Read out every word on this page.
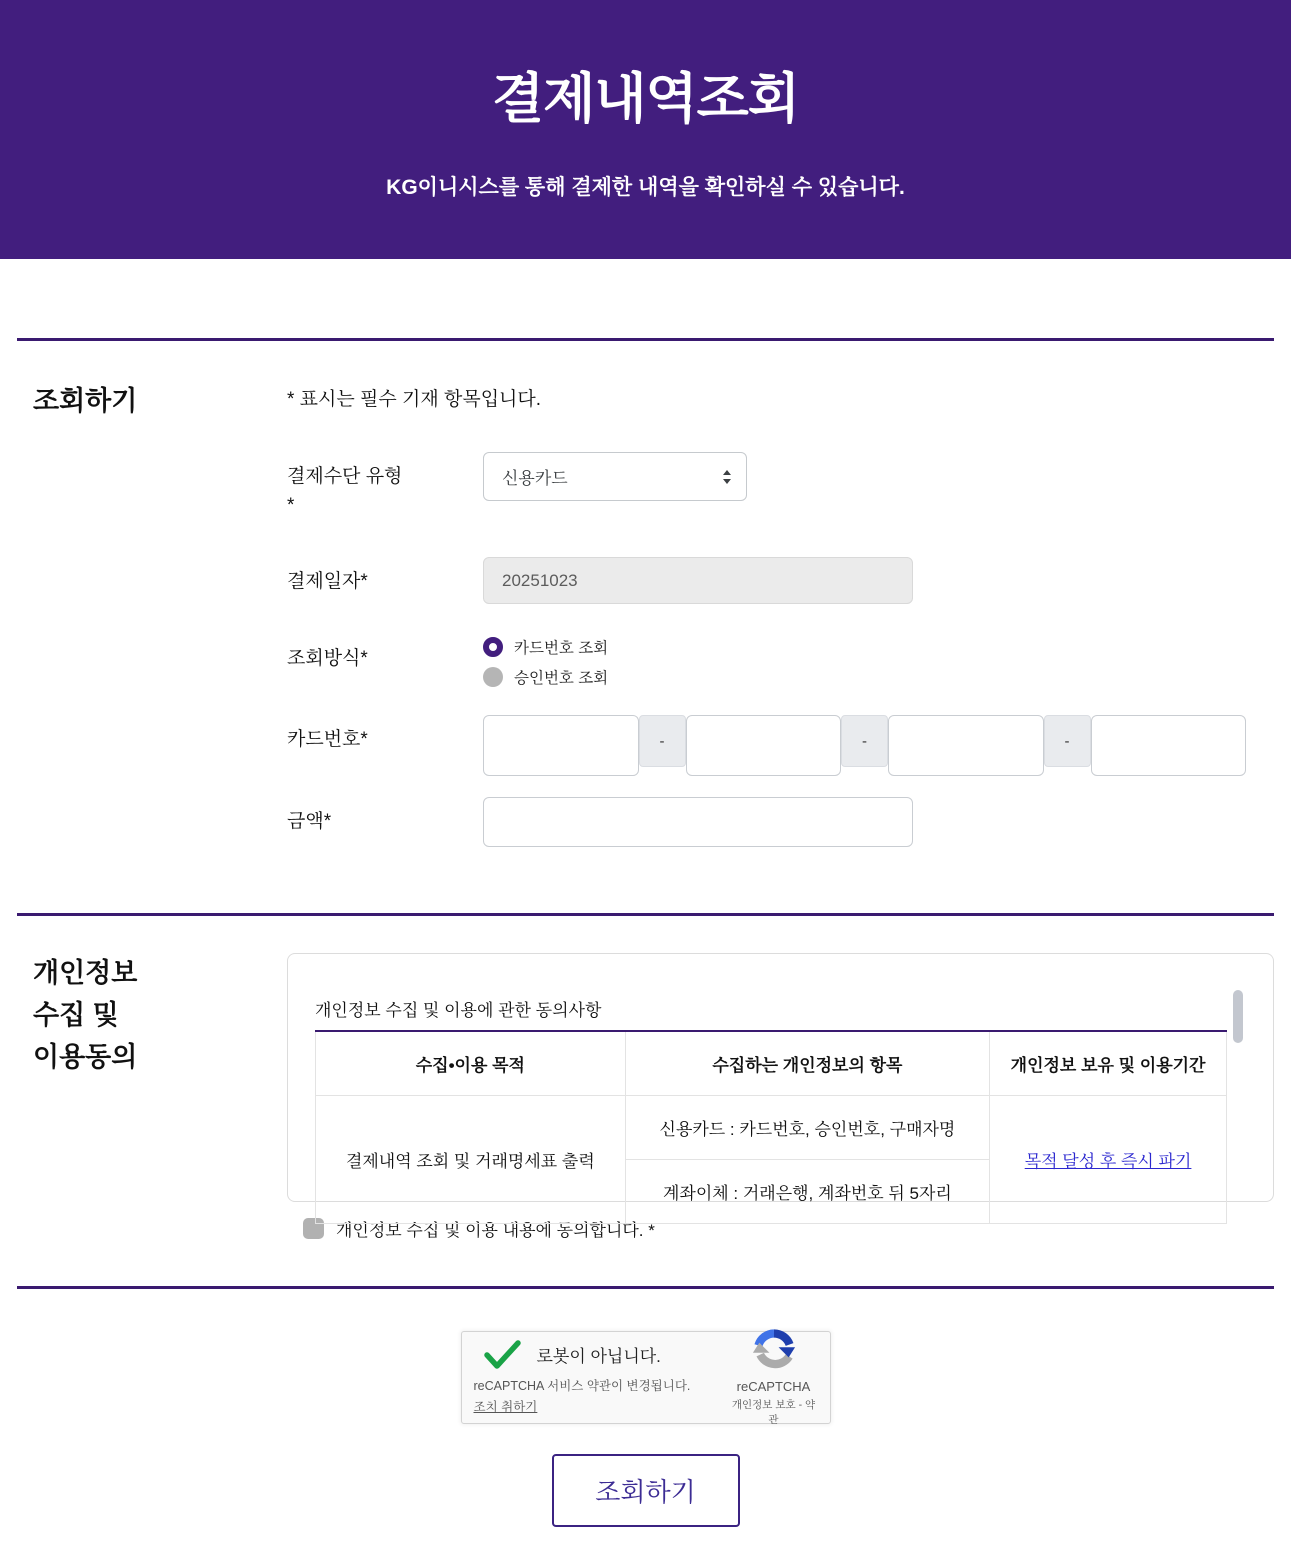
결제내역조회

KG이니시스를 통해 결제한 내역을 확인하실 수 있습니다.

조회하기	* 표시는 필수 기재 항목입니다.

결제수단 유형
*
신용카드
결제일자*
20251023
조회방식*	카드번호 조회
승인번호 조회
카드번호*	-	-	-
금액*
개인정보
수집 및
이용동의

개인정보 수집 및 이용에 관한 동의사항

수집•이용 목적	수집하는 개인정보의 항목	개인정보 보유 및 이용기간
결제내역 조회 및 거래명세표 출력	신용카드 : 카드번호, 승인번호, 구매자명	목적 달성 후 즉시 파기
	계좌이체 : 거래은행, 계좌번호 뒤 5자리	
개인정보 수집 및 이용 내용에 동의합니다. *
로봇이 아닙니다.
reCAPTCHA 서비스 약관이 변경됩니다.
조치 취하기
reCAPTCHA
개인정보 보호 - 약관
조회하기
